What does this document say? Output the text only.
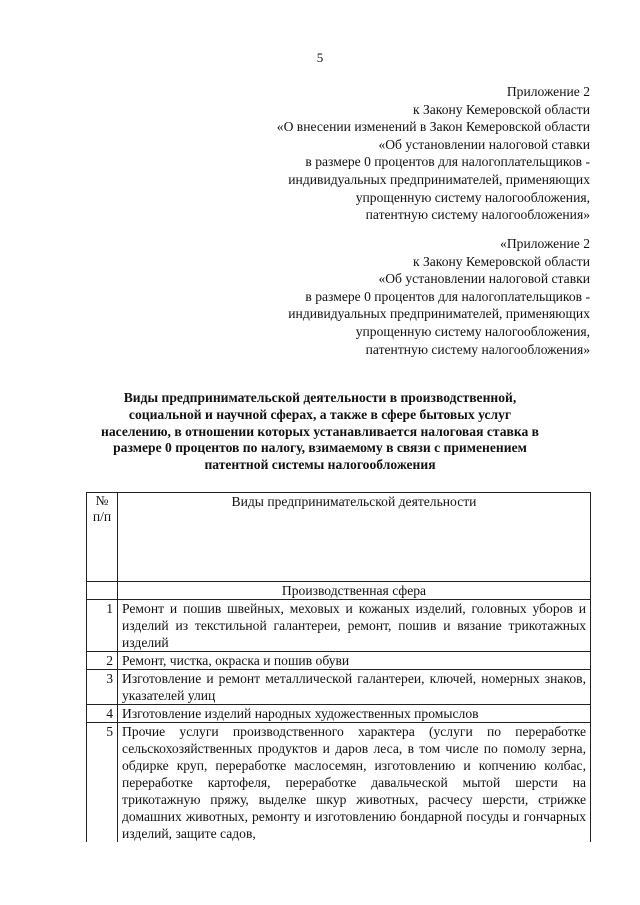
5
Приложение 2
к Закону Кемеровской области
«О внесении изменений в Закон Кемеровской области
«Об установлении налоговой ставки
в размере 0 процентов для налогоплательщиков -
индивидуальных предпринимателей, применяющих
упрощенную систему налогообложения,
патентную систему налогообложения»
«Приложение 2
к Закону Кемеровской области
«Об установлении налоговой ставки
в размере 0 процентов для налогоплательщиков -
индивидуальных предпринимателей, применяющих
упрощенную систему налогообложения,
патентную систему налогообложения»
Виды предпринимательской деятельности в производственной,
социальной и научной сферах, а также в сфере бытовых услуг
населению, в отношении которых устанавливается налоговая ставка в
размере 0 процентов по налогу, взимаемому в связи с применением
патентной системы налогообложения
№
п/п	Виды предпринимательской деятельности
	Производственная сфера
1	Ремонт и пошив швейных, меховых и кожаных изделий, головных уборов и изделий из текстильной галантереи, ремонт, пошив и вязание трикотажных изделий
2	Ремонт, чистка, окраска и пошив обуви
3	Изготовление и ремонт металлической галантереи, ключей, номерных знаков, указателей улиц
4	Изготовление изделий народных художественных промыслов
5	Прочие услуги производственного характера (услуги по переработке сельскохозяйственных продуктов и даров леса, в том числе по помолу зерна, обдирке круп, переработке маслосемян, изготовлению и копчению колбас, переработке картофеля, переработке давальческой мытой шерсти на трикотажную пряжу, выделке шкур животных, расчесу шерсти, стрижке домашних животных, ремонту и изготовлению бондарной посуды и гончарных изделий, защите садов,
